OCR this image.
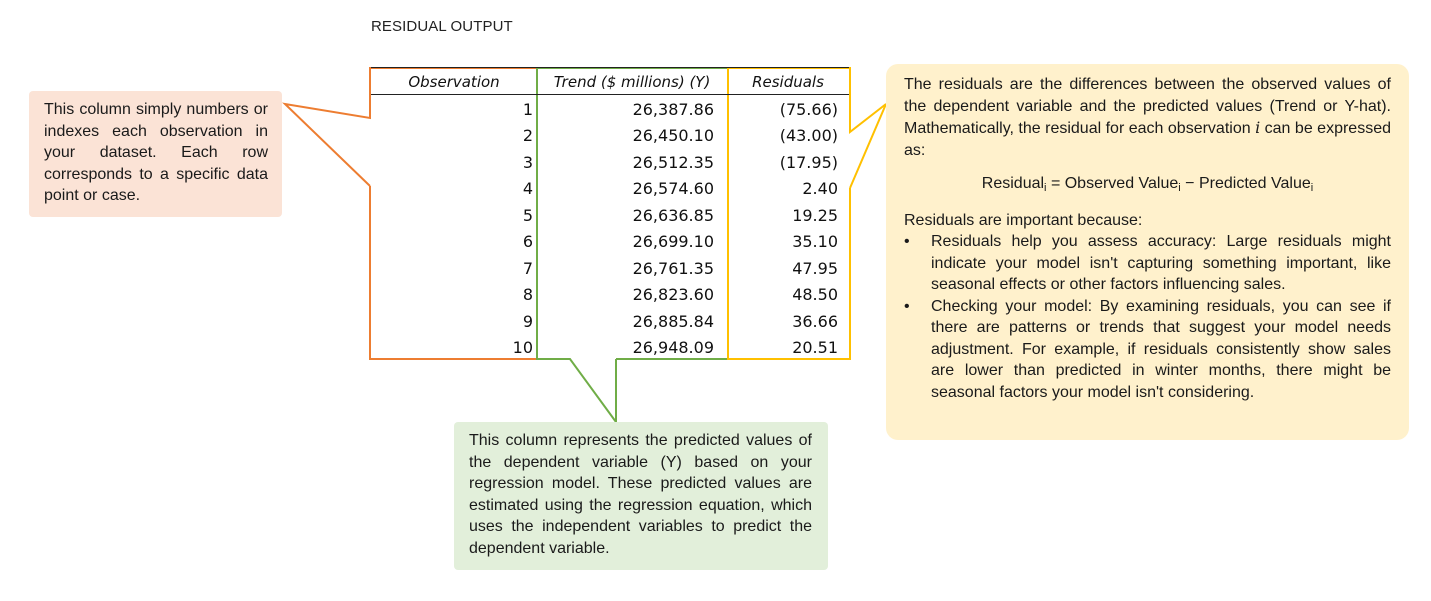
RESIDUAL OUTPUT
Observation	Trend ($ millions) (Y)	Residuals
1	26,387.86	(75.66)
2	26,450.10	(43.00)
3	26,512.35	(17.95)
4	26,574.60	2.40
5	26,636.85	19.25
6	26,699.10	35.10
7	26,761.35	47.95
8	26,823.60	48.50
9	26,885.84	36.66
10	26,948.09	20.51
This column simply numbers or indexes each observation in your dataset. Each row corresponds to a specific data point or case.
This column represents the predicted values of the dependent variable (Y) based on your regression model. These predicted values are estimated using the regression equation, which uses the independent variables to predict the dependent variable.

The residuals are the differences between the observed values of the dependent variable and the predicted values (Trend or Y-hat). Mathematically, the residual for each observation i can be expressed as:

Residual$_i$ = Observed Value$_i$ − Predicted Value$_i$

Residuals are important because:

• Residuals help you assess accuracy: Large residuals might indicate your model isn't capturing something important, like seasonal effects or other factors influencing sales.
• Checking your model: By examining residuals, you can see if there are patterns or trends that suggest your model needs adjustment. For example, if residuals consistently show sales are lower than predicted in winter months, there might be seasonal factors your model isn't considering.
